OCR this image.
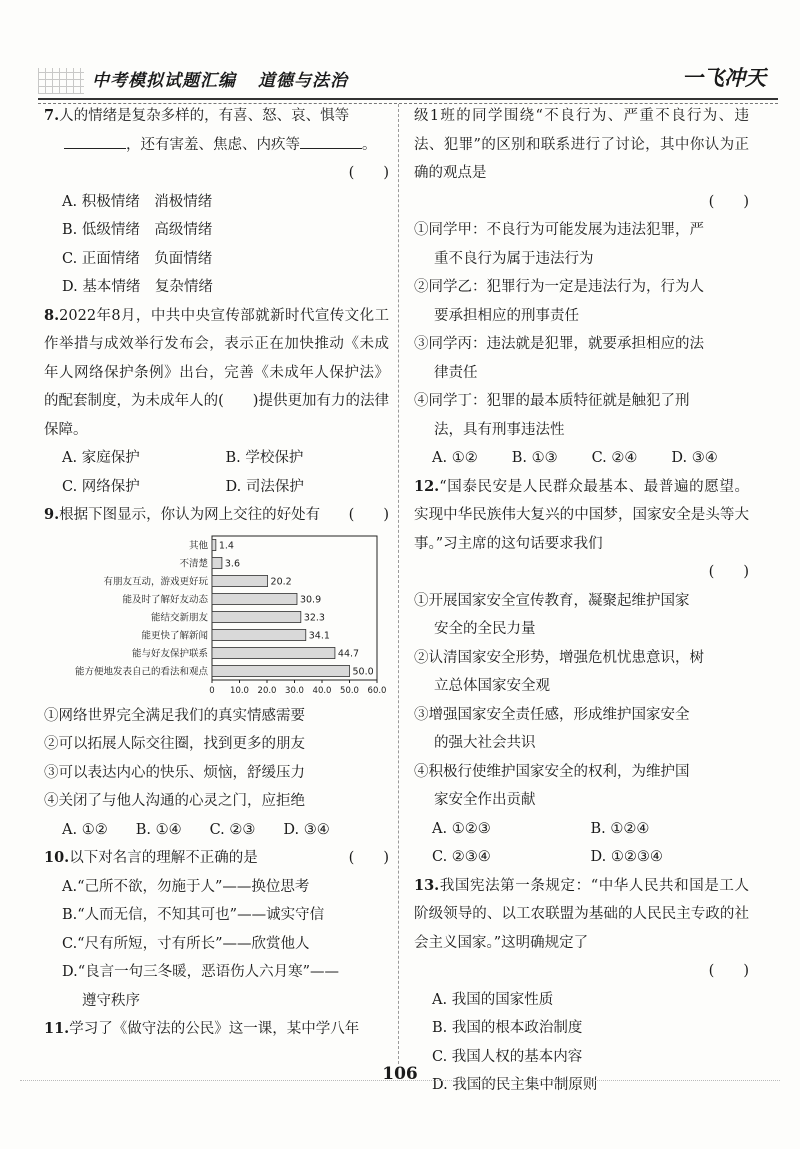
中考模拟试题汇编 道德与法治	一飞冲天
7.人的情绪是复杂多样的，有喜、怒、哀、惧等
，还有害羞、焦虑、内疚等	。
(　　)
A. 积极情绪　消极情绪
B. 低级情绪　高级情绪
C. 正面情绪　负面情绪
D. 基本情绪　复杂情绪
8.2022年8月，中共中央宣传部就新时代宣传文化工作举措与成效举行发布会，表示正在加快推动《未成年人网络保护条例》出台，完善《未成年人保护法》的配套制度，为未成年人的(　　)提供更加有力的法律保障。
A. 家庭保护	B. 学校保护
C. 网络保护	D. 司法保护
9.根据下图显示，你认为网上交往的好处有 (　　)
其他 1.4
不清楚 3.6
有朋友互动，游戏更好玩	20.2
能及时了解好友动态	30.9
能结交新朋友	32.3
能更快了解新闻	34.1
能与好友保护联系	44.7
能方便地发表自己的看法和观点	50.0
0 10.0 20.0 30.0 40.0 50.0 60.0
①网络世界完全满足我们的真实情感需要
②可以拓展人际交往圈，找到更多的朋友
③可以表达内心的快乐、烦恼，舒缓压力
④关闭了与他人沟通的心灵之门，应拒绝
A. ①② B. ①④ C. ②③ D. ③④
10.以下对名言的理解不正确的是	(　　)
A.“己所不欲，勿施于人”——换位思考
B.“人而无信，不知其可也”——诚实守信
C.“尺有所短，寸有所长”——欣赏他人
D.“良言一句三冬暖，恶语伤人六月寒”——
遵守秩序
11.学习了《做守法的公民》这一课，某中学八年
级1班的同学围绕“不良行为、严重不良行为、违法、犯罪”的区别和联系进行了讨论，其中你认为正确的观点是
(　　)
①同学甲：不良行为可能发展为违法犯罪，严
重不良行为属于违法行为
②同学乙：犯罪行为一定是违法行为，行为人
要承担相应的刑事责任
③同学丙：违法就是犯罪，就要承担相应的法
律责任
④同学丁：犯罪的最本质特征就是触犯了刑
法，具有刑事违法性
A. ①② B. ①③ C. ②④ D. ③④
12.“国泰民安是人民群众最基本、最普遍的愿望。实现中华民族伟大复兴的中国梦，国家安全是头等大事。”习主席的这句话要求我们
(　　)
①开展国家安全宣传教育，凝聚起维护国家
安全的全民力量
②认清国家安全形势，增强危机忧患意识，树
立总体国家安全观
③增强国家安全责任感，形成维护国家安全
的强大社会共识
④积极行使维护国家安全的权利，为维护国
家安全作出贡献
A. ①②③	B. ①②④
C. ②③④	D. ①②③④
13.我国宪法第一条规定：“中华人民共和国是工人阶级领导的、以工农联盟为基础的人民民主专政的社会主义国家。”这明确规定了
(　　)
A. 我国的国家性质
B. 我国的根本政治制度
C. 我国人权的基本内容
D. 我国的民主集中制原则
106
